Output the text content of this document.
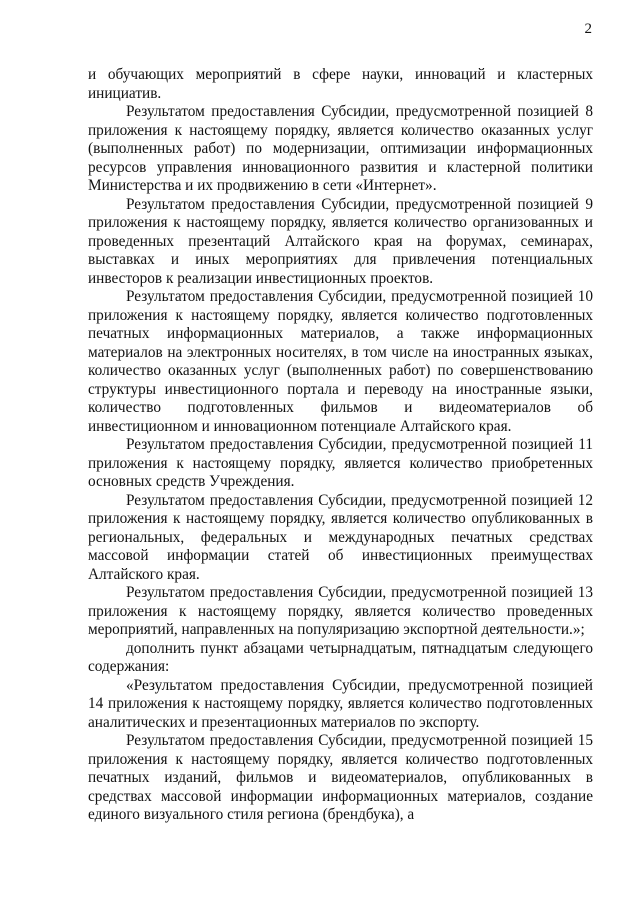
2

и обучающих мероприятий в сфере науки, инноваций и кластерных инициатив.

Результатом предоставления Субсидии, предусмотренной позицией 8 приложения к настоящему порядку, является количество оказанных услуг (выполненных работ) по модернизации, оптимизации информационных ресурсов управления инновационного развития и кластерной политики Министерства и их продвижению в сети «Интернет».

Результатом предоставления Субсидии, предусмотренной позицией 9 приложения к настоящему порядку, является количество организованных и проведенных презентаций Алтайского края на форумах, семинарах, выставках и иных мероприятиях для привлечения потенциальных инвесторов к реализации инвестиционных проектов.

Результатом предоставления Субсидии, предусмотренной позицией 10 приложения к настоящему порядку, является количество подготовленных печатных информационных материалов, а также информационных материалов на электронных носителях, в том числе на иностранных языках, количество оказанных услуг (выполненных работ) по совершенствованию структуры инвестиционного портала и переводу на иностранные языки, количество подготовленных фильмов и видеоматериалов об инвестиционном и инновационном потенциале Алтайского края.

Результатом предоставления Субсидии, предусмотренной позицией 11 приложения к настоящему порядку, является количество приобретенных основных средств Учреждения.

Результатом предоставления Субсидии, предусмотренной позицией 12 приложения к настоящему порядку, является количество опубликованных в региональных, федеральных и международных печатных средствах массовой информации статей об инвестиционных преимуществах Алтайского края.

Результатом предоставления Субсидии, предусмотренной позицией 13 приложения к настоящему порядку, является количество проведенных мероприятий, направленных на популяризацию экспортной деятельности.»;

дополнить пункт абзацами четырнадцатым, пятнадцатым следующего содержания:

«Результатом предоставления Субсидии, предусмотренной позицией 14 приложения к настоящему порядку, является количество подготовленных аналитических и презентационных материалов по экспорту.

Результатом предоставления Субсидии, предусмотренной позицией 15 приложения к настоящему порядку, является количество подготовленных печатных изданий, фильмов и видеоматериалов, опубликованных в средствах массовой информации информационных материалов, создание единого визуального стиля региона (брендбука), а
